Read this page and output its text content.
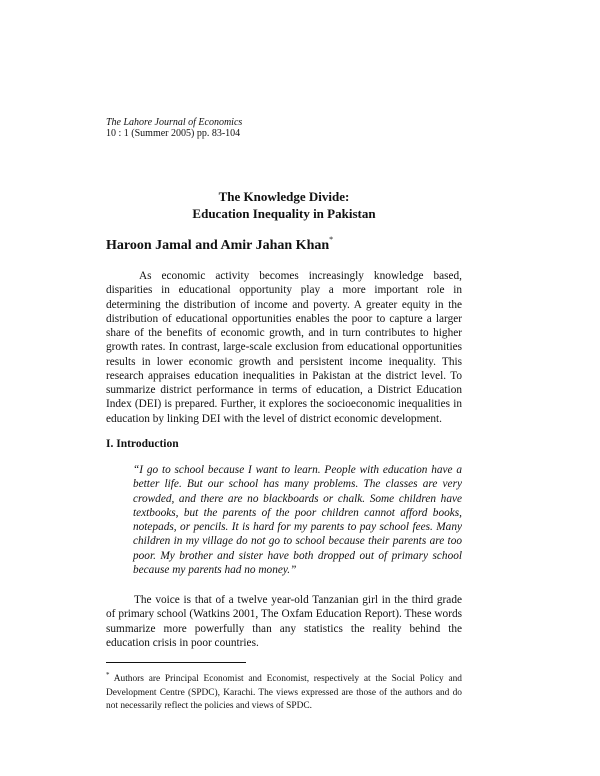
The Lahore Journal of Economics
10 : 1 (Summer 2005) pp. 83-104
The Knowledge Divide:
Education Inequality in Pakistan
Haroon Jamal and Amir Jahan Khan*

As economic activity becomes increasingly knowledge based, disparities in educational opportunity play a more important role in determining the distribution of income and poverty. A greater equity in the distribution of educational opportunities enables the poor to capture a larger share of the benefits of economic growth, and in turn contributes to higher growth rates. In contrast, large-scale exclusion from educational opportunities results in lower economic growth and persistent income inequality. This research appraises education inequalities in Pakistan at the district level. To summarize district performance in terms of education, a District Education Index (DEI) is prepared. Further, it explores the socioeconomic inequalities in education by linking DEI with the level of district economic development.

I. Introduction

“I go to school because I want to learn. People with education have a better life. But our school has many problems. The classes are very crowded, and there are no blackboards or chalk. Some children have textbooks, but the parents of the poor children cannot afford books, notepads, or pencils. It is hard for my parents to pay school fees. Many children in my village do not go to school because their parents are too poor. My brother and sister have both dropped out of primary school because my parents had no money.”

The voice is that of a twelve year-old Tanzanian girl in the third grade of primary school (Watkins 2001, The Oxfam Education Report). These words summarize more powerfully than any statistics the reality behind the education crisis in poor countries.

* Authors are Principal Economist and Economist, respectively at the Social Policy and Development Centre (SPDC), Karachi. The views expressed are those of the authors and do not necessarily reflect the policies and views of SPDC.
